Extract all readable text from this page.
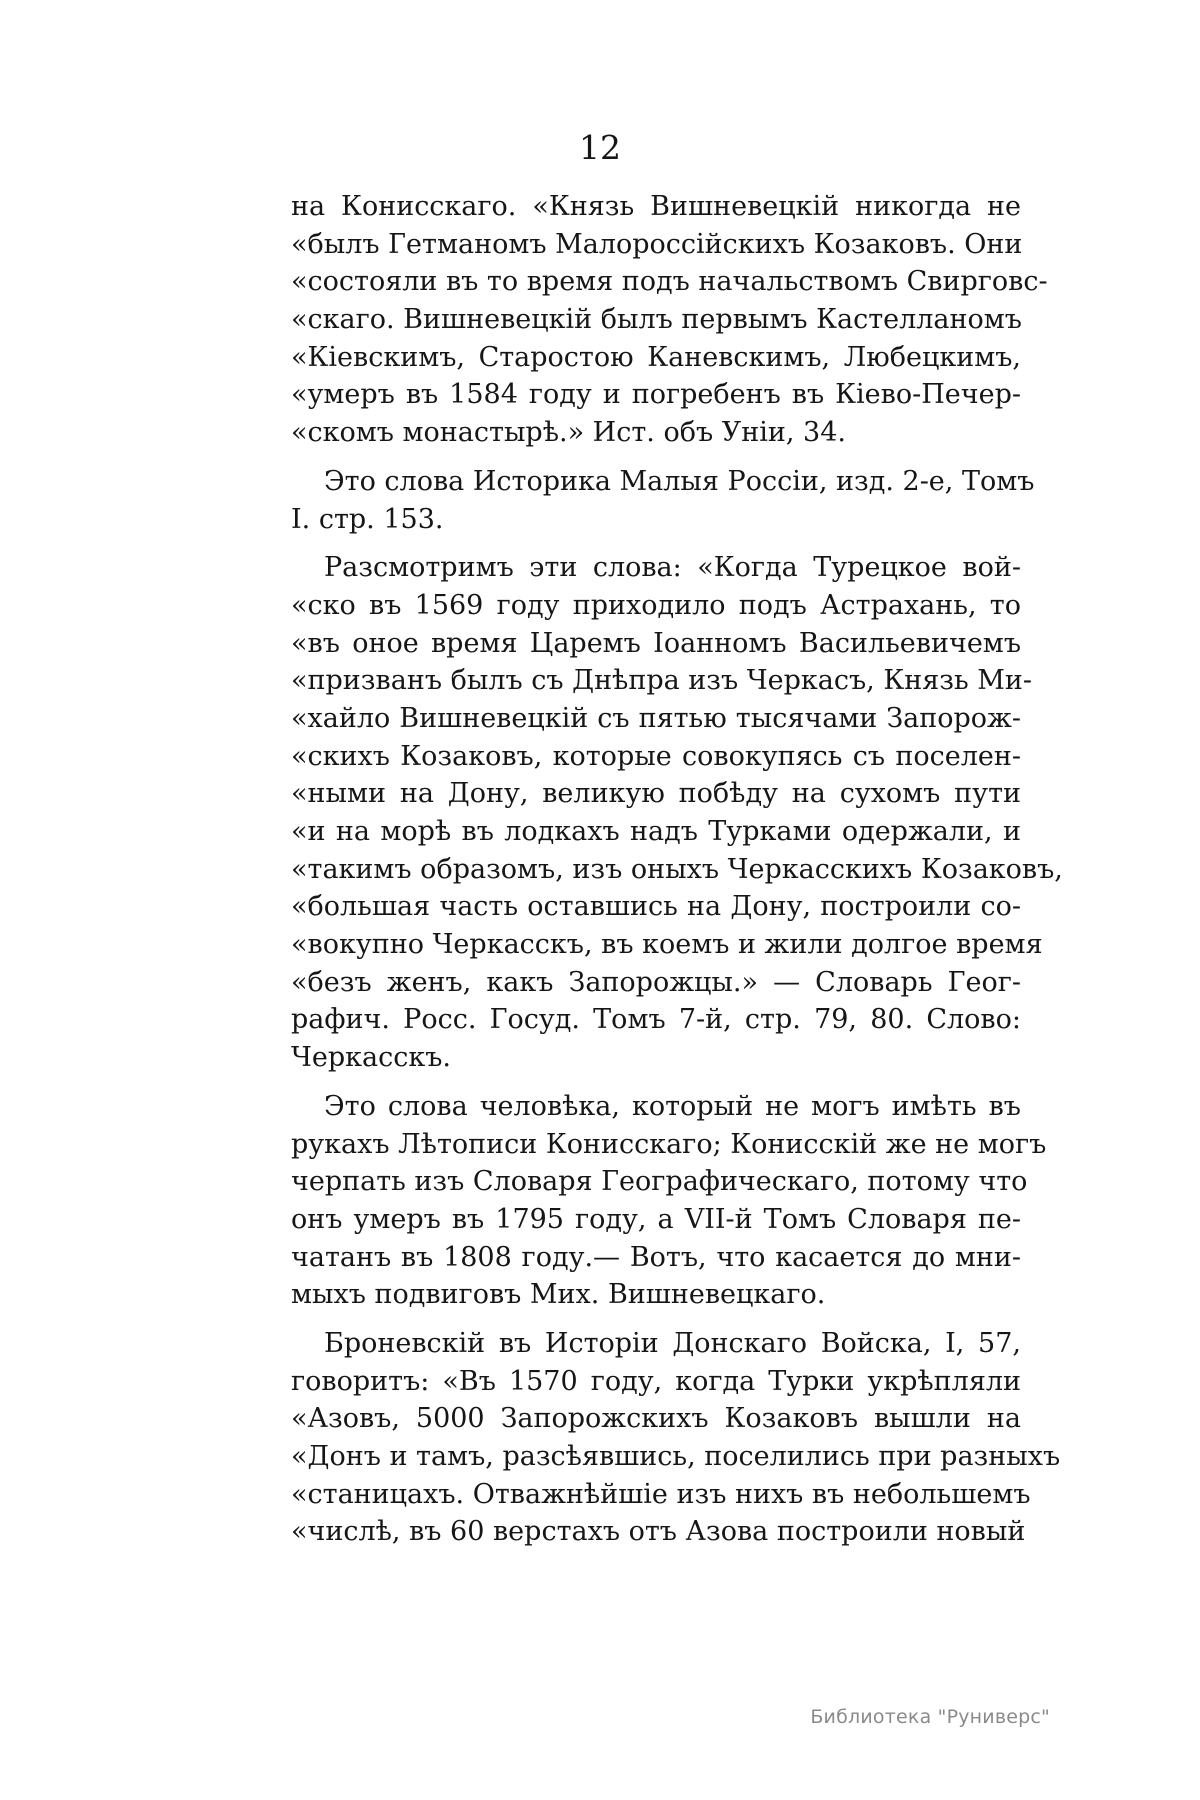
12
на Конисскаго. «Князь Вишневецкій никогда не
«былъ Гетманомъ Малороссійскихъ Козаковъ. Они
«состояли въ то время подъ начальствомъ Свирговс-
«скаго. Вишневецкій былъ первымъ Кастелланомъ
«Кіевскимъ, Старостою Каневскимъ, Любецкимъ,
«умеръ въ 1584 году и погребенъ въ Кіево-Печер-
«скомъ монастырѣ.» Ист. объ Уніи, 34.
Это слова Историка Малыя Россіи, изд. 2-е, Томъ
I. стр. 153.
Разсмотримъ эти слова: «Когда Турецкое вой-
«ско въ 1569 году приходило подъ Астрахань, то
«въ оное время Царемъ Іоанномъ Васильевичемъ
«призванъ былъ съ Днѣпра изъ Черкасъ, Князь Ми-
«хайло Вишневецкій съ пятью тысячами Запорож-
«скихъ Козаковъ, которые совокупясь съ поселен-
«ными на Дону, великую побѣду на сухомъ пути
«и на морѣ въ лодкахъ надъ Турками одержали, и
«такимъ образомъ, изъ оныхъ Черкасскихъ Козаковъ,
«большая часть оставшись на Дону, построили со-
«вокупно Черкасскъ, въ коемъ и жили долгое время
«безъ женъ, какъ Запорожцы.» — Словарь Геог-
рафич. Росс. Госуд. Томъ 7-й, стр. 79, 80. Слово:
Черкасскъ.
Это слова человѣка, который не могъ имѣть въ
рукахъ Лѣтописи Конисскаго; Конисскій же не могъ
черпать изъ Словаря Географическаго, потому что
онъ умеръ въ 1795 году, а VII-й Томъ Словаря пе-
чатанъ въ 1808 году.— Вотъ, что касается до мни-
мыхъ подвиговъ Мих. Вишневецкаго.
Броневскій въ Исторіи Донскаго Войска, I, 57,
говоритъ: «Въ 1570 году, когда Турки укрѣпляли
«Азовъ, 5000 Запорожскихъ Козаковъ вышли на
«Донъ и тамъ, разсѣявшись, поселились при разныхъ
«станицахъ. Отважнѣйшіе изъ нихъ въ небольшемъ
«числѣ, въ 60 верстахъ отъ Азова построили новый
Библиотека "Руниверс"
